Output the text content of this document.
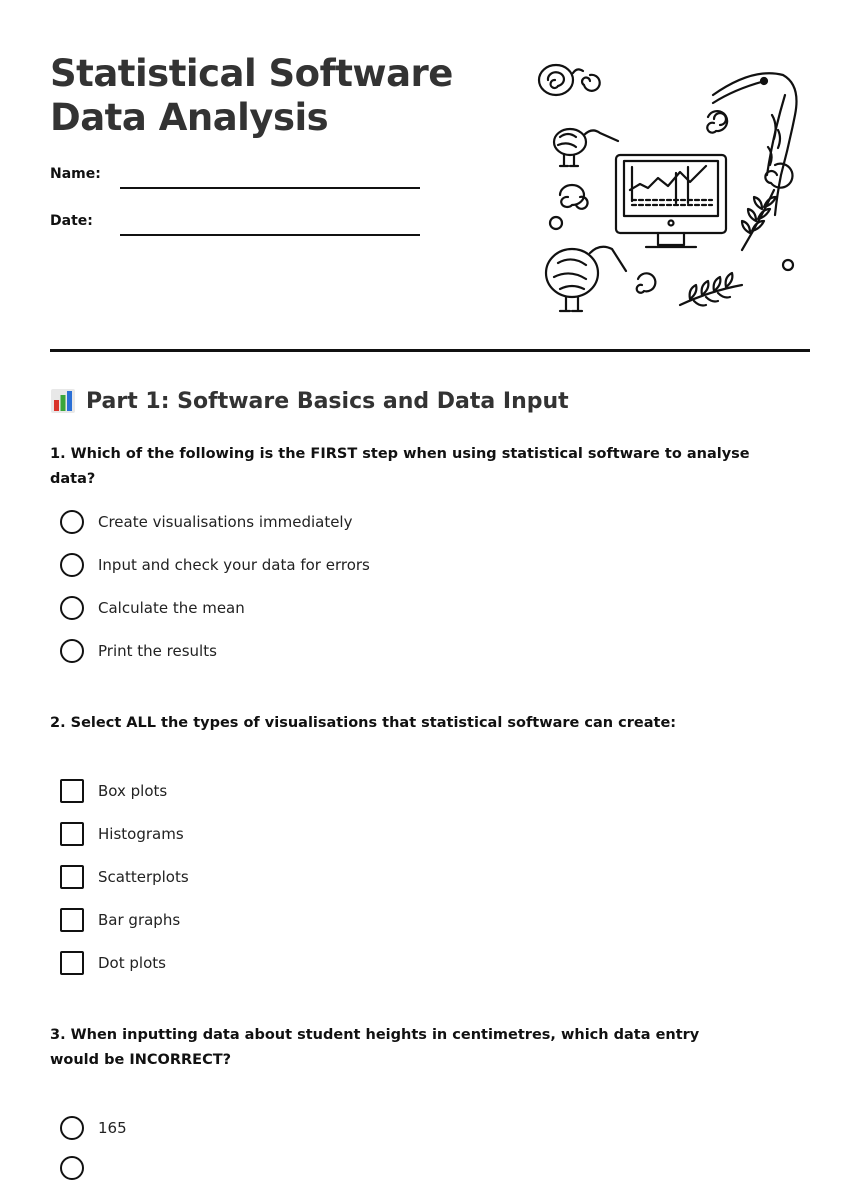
Statistical Software
Data Analysis
Name:
Date:
Part 1: Software Basics and Data Input

1. Which of the following is the FIRST step when using statistical software to analyse data?

Create visualisations immediately
Input and check your data for errors
Calculate the mean
Print the results

2. Select ALL the types of visualisations that statistical software can create:

Box plots
Histograms
Scatterplots
Bar graphs
Dot plots

3. When inputting data about student heights in centimetres, which data entry would be INCORRECT?

165
